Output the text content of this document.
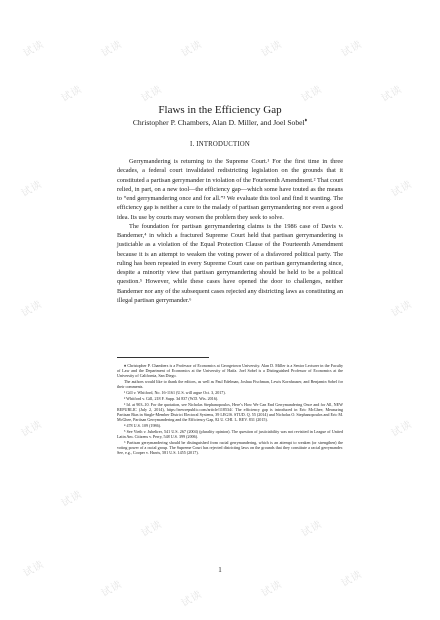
试读	试读	试读	试读	试读
试读	试读	试读	试读
试读	试读
试读	试读
试读	试读
试读
试读	试读
试读
试读	试读	试读	试读
Flaws in the Efficiency Gap
Christopher P. Chambers, Alan D. Miller, and Joel Sobel♦
I. INTRODUCTION

Gerrymandering is returning to the Supreme Court.¹ For the first time in three decades, a federal court invalidated redistricting legislation on the grounds that it constituted a partisan gerrymander in violation of the Fourteenth Amendment.² That court relied, in part, on a new tool—the efficiency gap—which some have touted as the means to “end gerrymandering once and for all.”³ We evaluate this tool and find it wanting. The efficiency gap is neither a cure to the malady of partisan gerrymandering nor even a good idea. Its use by courts may worsen the problem they seek to solve.

The foundation for partisan gerrymandering claims is the 1986 case of Davis v. Bandemer,⁴ in which a fractured Supreme Court held that partisan gerrymandering is justiciable as a violation of the Equal Protection Clause of the Fourteenth Amendment because it is an attempt to weaken the voting power of a disfavored political party. The ruling has been repeated in every Supreme Court case on partisan gerrymandering since, despite a minority view that partisan gerrymandering should be held to be a political question.⁵ However, while these cases have opened the door to challenges, neither Bandemer nor any of the subsequent cases rejected any districting laws as constituting an illegal partisan gerrymander.⁶

♦ Christopher P. Chambers is a Professor of Economics at Georgetown University. Alan D. Miller is a Senior Lecturer in the Faculty of Law and the Department of Economics at the University of Haifa. Joel Sobel is a Distinguished Professor of Economics at the University of California, San Diego.

The authors would like to thank the editors, as well as Paul Edelman, Joshua Fischman, Lewis Kornhauser, and Benjamin Sobel for their comments.

¹ Gill v. Whitford, No. 16-1161 (U.S. will argue Oct. 3, 2017).

² Whitford v. Gill, 218 F. Supp. 3d 837 (W.D. Wis. 2016).

³ Id. at 903–10. For the quotation, see Nicholas Stephanopoulos, Here’s How We Can End Gerrymandering Once and for All, NEW REPUBLIC (July 2, 2014), https://newrepublic.com/article/118534/. The efficiency gap is introduced in Eric McGhee, Measuring Partisan Bias in Single-Member District Electoral Systems, 39 LEGIS. STUD. Q. 55 (2014) and Nicholas O. Stephanopoulos and Eric M. McGhee, Partisan Gerrymandering and the Efficiency Gap, 82 U. CHI. L. REV. 831 (2015).

⁴ 478 U.S. 109 (1986).

⁵ See Vieth v. Jubelirer, 541 U.S. 267 (2004) (plurality opinion). The question of justiciability was not revisited in League of United Latin Am. Citizens v. Perry, 548 U.S. 399 (2006).

⁶ Partisan gerrymandering should be distinguished from racial gerrymandering, which is an attempt to weaken (or strengthen) the voting power of a racial group. The Supreme Court has rejected districting laws on the grounds that they constitute a racial gerrymander. See, e.g., Cooper v. Harris, 581 U.S. 1455 (2017).

1
